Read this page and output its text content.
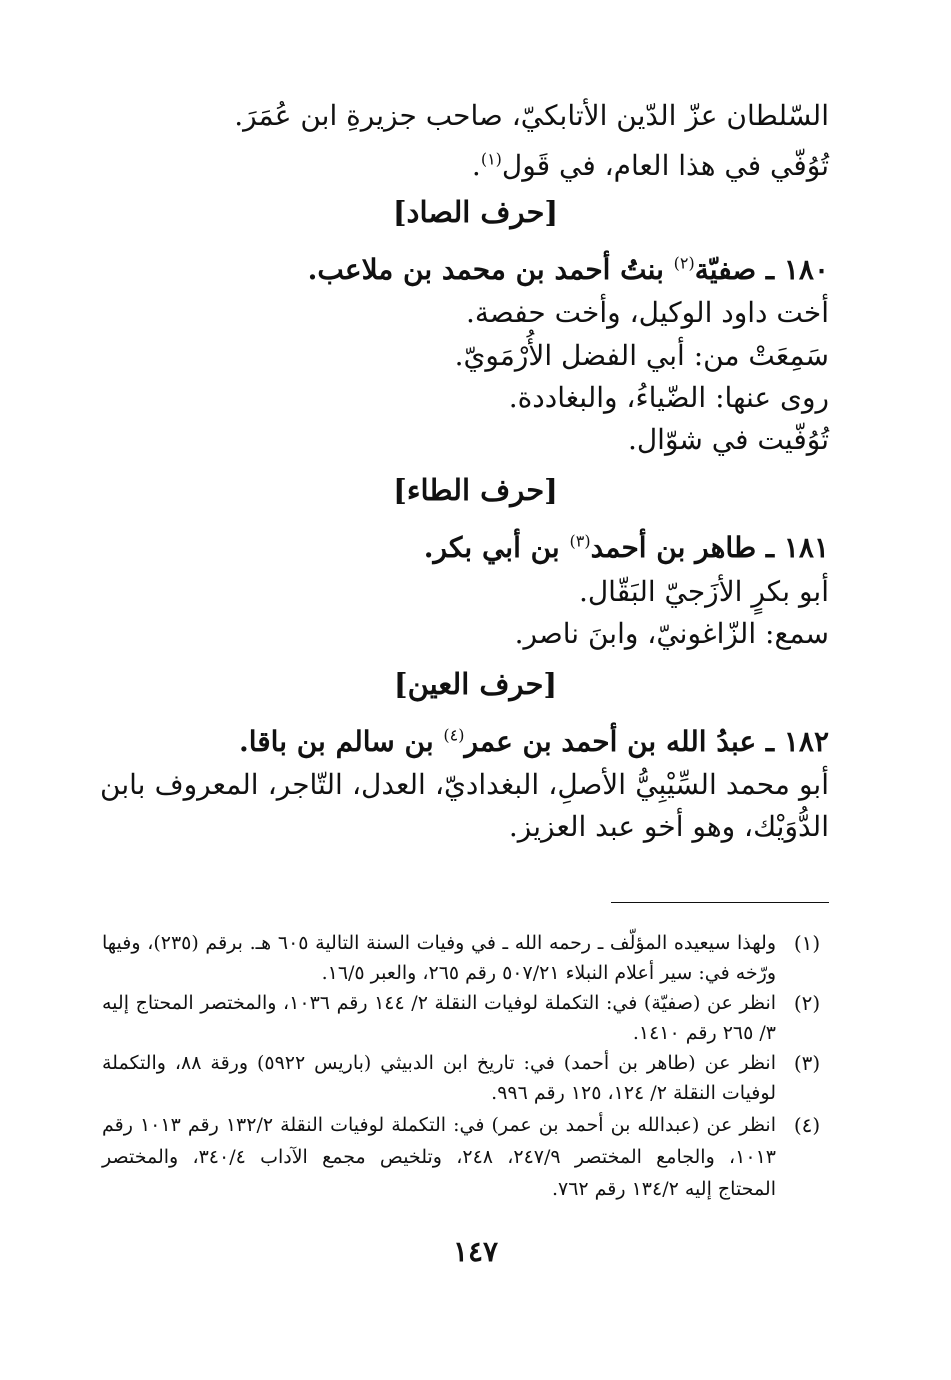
السّلطان عزّ الدّين الأتابكيّ، صاحب جزيرةِ ابن عُمَرَ.
تُوُفّي في هذا العام، في قَول$^{(١)}$.
[حرف الصاد]
١٨٠ ـ صفيّة$^{(٢)}$ بنتُ أحمد بن محمد بن ملاعب.
أخت داود الوكيل، وأخت حفصة.
سَمِعَتْ من: أبي الفضل الأُرْمَويّ.
روى عنها: الضّياءُ، والبغاددة.
تُوُفّيت في شوّال.
[حرف الطاء]
١٨١ ـ طاهر بن أحمد$^{(٣)}$ بن أبي بكر.
أبو بكرٍ الأزَجيّ البَقّال.
سمع: الزّاغونيّ، وابنَ ناصر.
[حرف العين]
١٨٢ ـ عبدُ الله بن أحمد بن عمر$^{(٤)}$ بن سالم بن باقا.
أبو محمد السِّيْبِيُّ الأصلِ، البغداديّ، العدل، التّاجر، المعروف بابن
الدُّوَيْك، وهو أخو عبد العزيز.
(١)
ولهذا سيعيده المؤلّف ـ رحمه الله ـ في وفيات السنة التالية ٦٠٥ هـ. برقم (٢٣٥)، وفيها
ورّخه في: سير أعلام النبلاء ٥٠٧/٢١ رقم ٢٦٥، والعبر ١٦/٥.
(٢)
انظر عن (صفيّة) في: التكملة لوفيات النقلة ٢/ ١٤٤ رقم ١٠٣٦، والمختصر المحتاج إليه
٣/ ٢٦٥ رقم ١٤١٠.
(٣)
انظر عن (طاهر بن أحمد) في: تاريخ ابن الدبيثي (باريس ٥٩٢٢) ورقة ٨٨، والتكملة
لوفيات النقلة ٢/ ١٢٤، ١٢٥ رقم ٩٩٦.
(٤)
انظر عن (عبدالله بن أحمد بن عمر) في: التكملة لوفيات النقلة ١٣٢/٢ رقم ١٠١٣ رقم
١٠١٣، والجامع المختصر ٢٤٧/٩، ٢٤٨، وتلخيص مجمع الآداب ٣٤٠/٤، والمختصر
المحتاج إليه ١٣٤/٢ رقم ٧٦٢.
١٤٧
